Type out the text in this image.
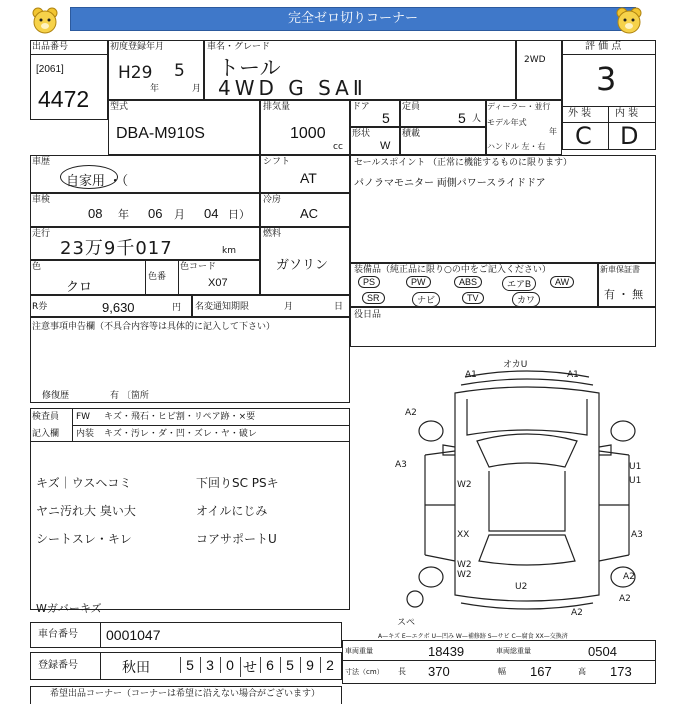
完全ゼロ切りコーナー
出品番号
[2061]
4472
初度登録年月
H29
年
5
月
車名・グレード
トール
4WD G SAⅡ
2WD
評 価 点
3
外 装 内 装
C D
型式
DBA-M910S
排気量
1000
cc
ドア
5
定員
5 人
ディーラー・並行
モデル年式
年
ハンドル 左・右
形状
W
積載
車歴
自家用 ・（
シフト
AT
車検
08 年 06 月 04 日）
冷房
AC
走行
23万9千017	km
燃料
ガソリン
色
クロ
色番
色コード
X07
R券	9,630	円 名変通知期限	月	日
セールスポイント （正常に機能するものに限ります）
パノラマモニター 両側パワースライドドア
装備品（純正品に限り○の中をご記入ください）	新車保証書
有 ・ 無
PS	PW	ABS	エアB	AW
SR	ナビ	TV	カワ
役日品
注意事項申告欄（不具合内容等は具体的に記入して下さい）
修復歴	有 〔箇所
検査員
記入欄
FW キズ・飛石・ヒビ割・リペア跡・×要
内装 キズ・汚レ・ダ・凹・ズレ・ヤ・破レ
キズ｜ウスヘコミ	下回りSC PSキ
ヤニ汚れ大 臭い大	オイルにじみ
シートスレ・キレ	コアサポートU
Wガバーキズ
車台番号 0001047
登録番号	秋田	5 3 0 せ 6 5 9 2
車両重量	18439	車両総重量	0504
寸法（cm） 長 370	幅 167	高 173
A—キズ E—エクボ U—凹み W—補修跡 S—サビ C—腐食 XX—交換済
希望出品コーナー（コーナーは希望に沿えない場合がございます）
A1
オカU
A1
A2
A3
W2
U1
U1
A3
W2
XX
A2
W2
U2
A2
A2
スペ
